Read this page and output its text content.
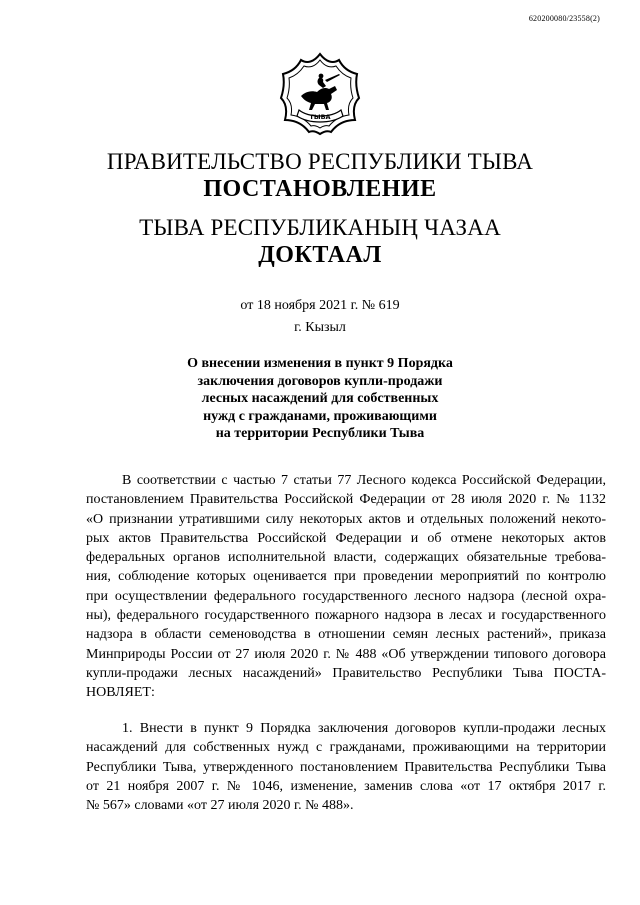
620200080/23558(2)
ТЫВА
ПРАВИТЕЛЬСТВО РЕСПУБЛИКИ ТЫВА
ПОСТАНОВЛЕНИЕ
ТЫВА РЕСПУБЛИКАНЫҢ ЧАЗАА
ДОКТААЛ
от 18 ноября 2021 г. № 619
г. Кызыл
О внесении изменения в пункт 9 Порядка
заключения договоров купли-продажи
лесных насаждений для собственных
нужд с гражданами, проживающими
на территории Республики Тыва
В соответствии с частью 7 статьи 77 Лесного кодекса Российской Федерации,
постановлением Правительства Российской Федерации от 28 июля 2020 г. № 1132
«О признании утратившими силу некоторых актов и отдельных положений некото-
рых актов Правительства Российской Федерации и об отмене некоторых актов
федеральных органов исполнительной власти, содержащих обязательные требова-
ния, соблюдение которых оценивается при проведении мероприятий по контролю
при осуществлении федерального государственного лесного надзора (лесной охра-
ны), федерального государственного пожарного надзора в лесах и государственного
надзора в области семеноводства в отношении семян лесных растений», приказа
Минприроды России от 27 июля 2020 г. № 488 «Об утверждении типового договора
купли-продажи лесных насаждений» Правительство Республики Тыва ПОСТА-
НОВЛЯЕТ:
1. Внести в пункт 9 Порядка заключения договоров купли-продажи лесных
насаждений для собственных нужд с гражданами, проживающими на территории
Республики Тыва, утвержденного постановлением Правительства Республики Тыва
от 21 ноября 2007 г. № 1046, изменение, заменив слова «от 17 октября 2017 г.
№ 567» словами «от 27 июля 2020 г. № 488».
